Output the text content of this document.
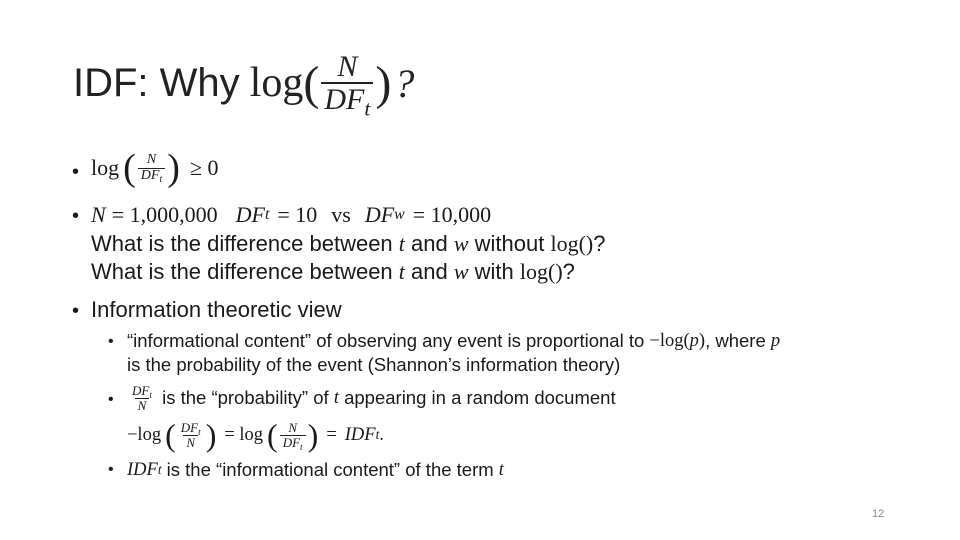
IDF: Why log ( $\frac{N}{DF_t}$ ) ?
• log ( $\frac{N}{DF_t}$ ) ≥ 0
• N = 1,000,000 DF t = 10 vs DF w = 10,000
What is the difference between t and w without log() ?
What is the difference between t and w with log() ?
• Information theoretic view
• “informational content” of observing any event is proportional to −log( p ) , where p
is the probability of the event (Shannon’s information theory)
• $\frac{DF_t}{N}$ is the “probability” of t appearing in a random document
−log ( $\frac{DF_t}{N}$ ) = log ( $\frac{N}{DF_t}$ ) = IDF t .
• IDF t is the “informational content” of the term t
12
